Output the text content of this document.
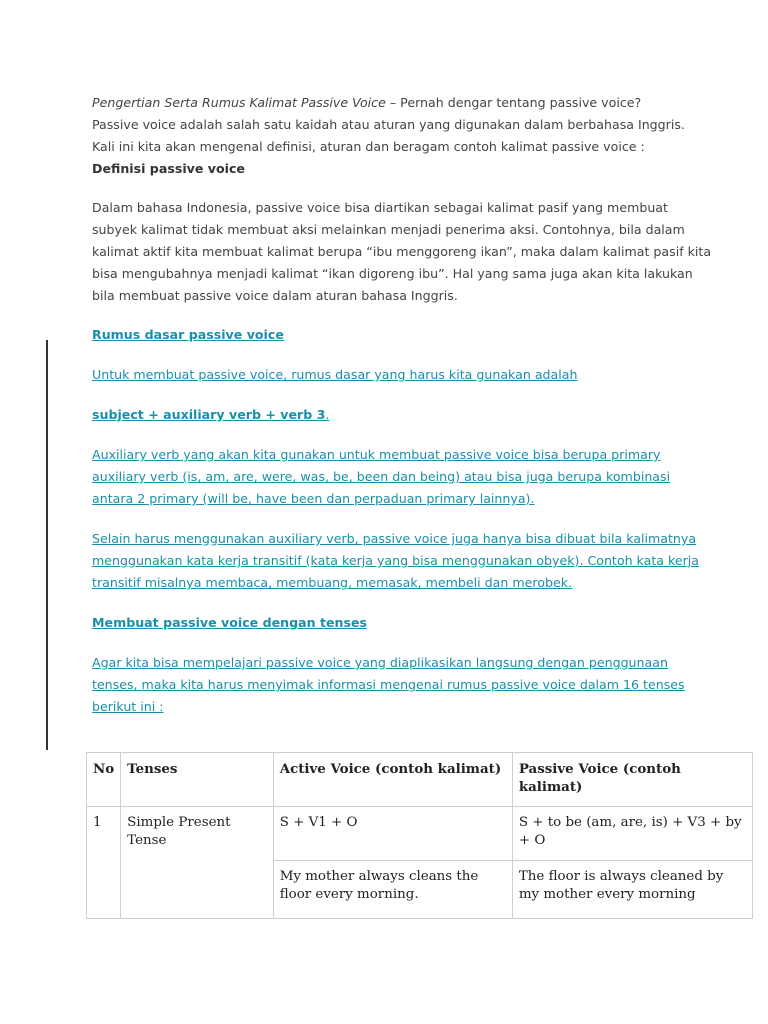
Pengertian Serta Rumus Kalimat Passive Voice – Pernah dengar tentang passive voice?
Passive voice adalah salah satu kaidah atau aturan yang digunakan dalam berbahasa Inggris.
Kali ini kita akan mengenal definisi, aturan dan beragam contoh kalimat passive voice :

Definisi passive voice

Dalam bahasa Indonesia, passive voice bisa diartikan sebagai kalimat pasif yang membuat
subyek kalimat tidak membuat aksi melainkan menjadi penerima aksi. Contohnya, bila dalam
kalimat aktif kita membuat kalimat berupa “ibu menggoreng ikan”, maka dalam kalimat pasif kita
bisa mengubahnya menjadi kalimat “ikan digoreng ibu”. Hal yang sama juga akan kita lakukan
bila membuat passive voice dalam aturan bahasa Inggris.

Rumus dasar passive voice

Untuk membuat passive voice, rumus dasar yang harus kita gunakan adalah

subject + auxiliary verb + verb 3.

Auxiliary verb yang akan kita gunakan untuk membuat passive voice bisa berupa primary
auxiliary verb (is, am, are, were, was, be, been dan being) atau bisa juga berupa kombinasi
antara 2 primary (will be, have been dan perpaduan primary lainnya).

Selain harus menggunakan auxiliary verb, passive voice juga hanya bisa dibuat bila kalimatnya
menggunakan kata kerja transitif (kata kerja yang bisa menggunakan obyek). Contoh kata kerja
transitif misalnya membaca, membuang, memasak, membeli dan merobek.

Membuat passive voice dengan tenses

Agar kita bisa mempelajari passive voice yang diaplikasikan langsung dengan penggunaan
tenses, maka kita harus menyimak informasi mengenai rumus passive voice dalam 16 tenses
berikut ini :

No	Tenses	Active Voice (contoh kalimat)	Passive Voice (contoh kalimat)
1	Simple Present Tense	S + V1 + O	S + to be (am, are, is) + V3 + by + O
		My mother always cleans the floor every morning.	The floor is always cleaned by my mother every morning
